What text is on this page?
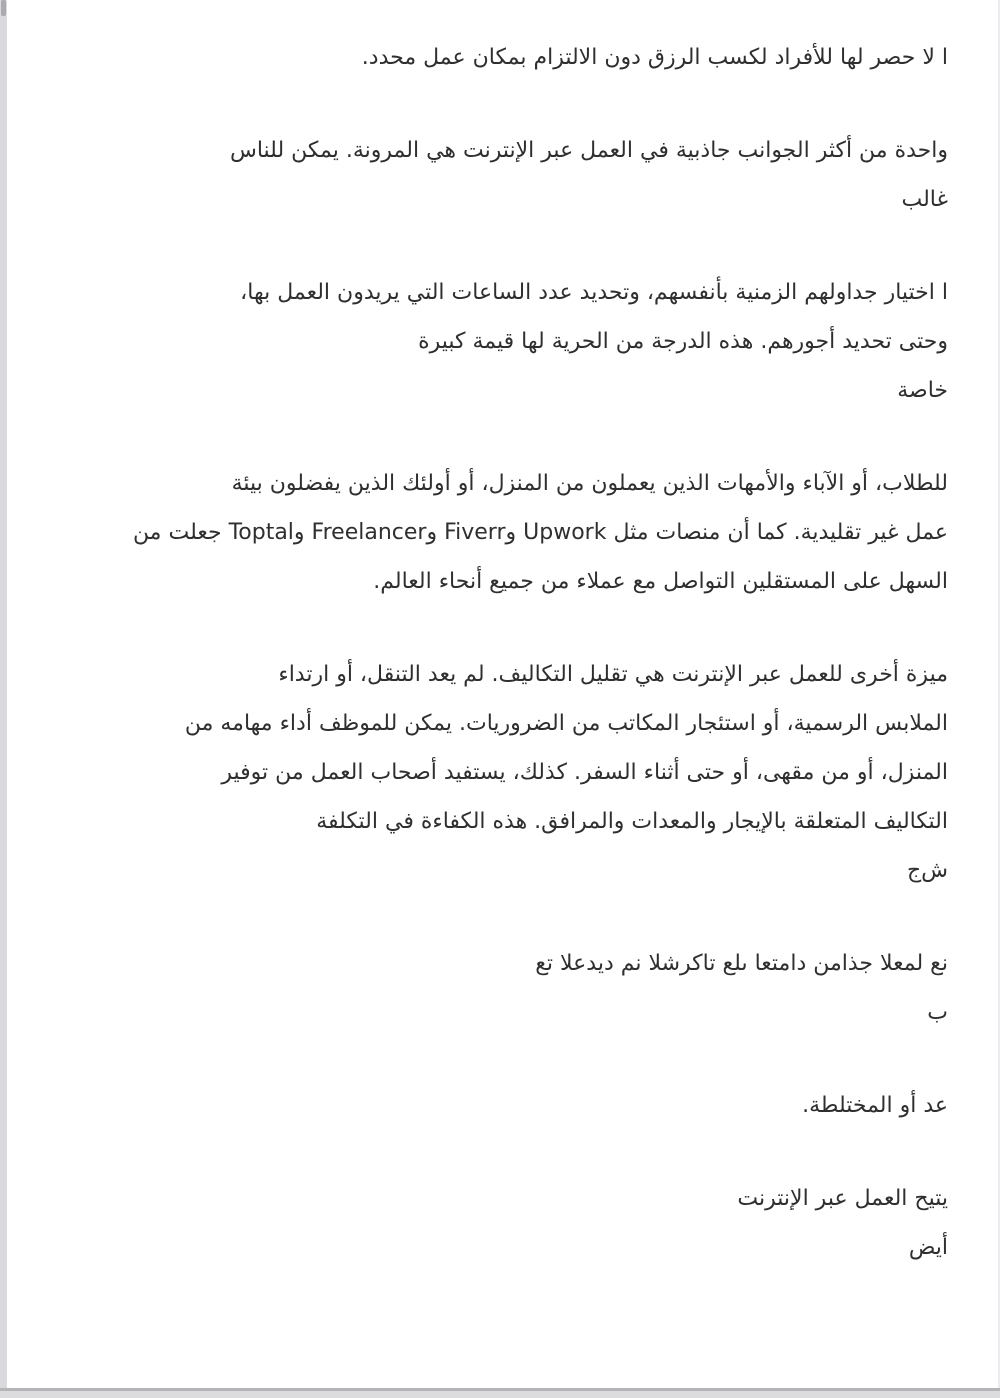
ا لا حصر لها للأفراد لكسب الرزق دون الالتزام بمكان عمل محدد.
واحدة من أكثر الجوانب جاذبية في العمل عبر الإنترنت هي المرونة. يمكن للناس
غالب
ا اختيار جداولهم الزمنية بأنفسهم، وتحديد عدد الساعات التي يريدون العمل بها،
وحتى تحديد أجورهم. هذه الدرجة من الحرية لها قيمة كبيرة
خاصة
للطلاب، أو الآباء والأمهات الذين يعملون من المنزل، أو أولئك الذين يفضلون بيئة
عمل غير تقليدية. كما أن منصات مثل Upwork وFiverr وFreelancer وToptal جعلت من
السهل على المستقلين التواصل مع عملاء من جميع أنحاء العالم.
ميزة أخرى للعمل عبر الإنترنت هي تقليل التكاليف. لم يعد التنقل، أو ارتداء
الملابس الرسمية، أو استئجار المكاتب من الضروريات. يمكن للموظف أداء مهامه من
المنزل، أو من مقهى، أو حتى أثناء السفر. كذلك، يستفيد أصحاب العمل من توفير
التكاليف المتعلقة بالإيجار والمعدات والمرافق. هذه الكفاءة في التكلفة
ش‌ج
عت العديد من الشركات على اعتماد نماذج العمل عن
ب
عد أو المختلطة.
يتيح العمل عبر الإنترنت
أيض
